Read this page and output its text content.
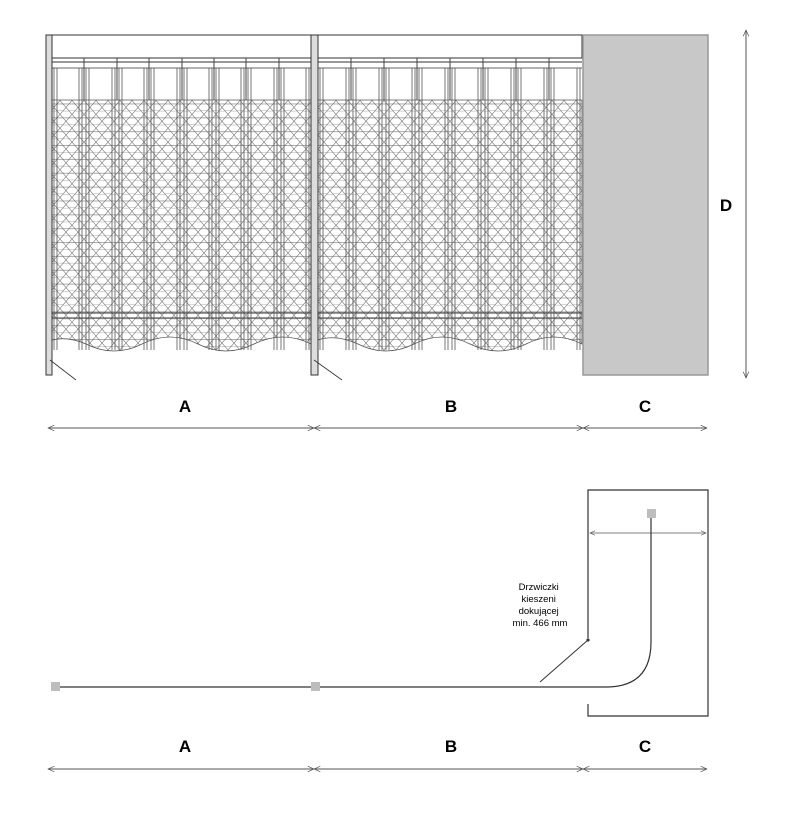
D
A	B	C
Drzwiczki kieszeni dokującej min. 466 mm
A	B	C
